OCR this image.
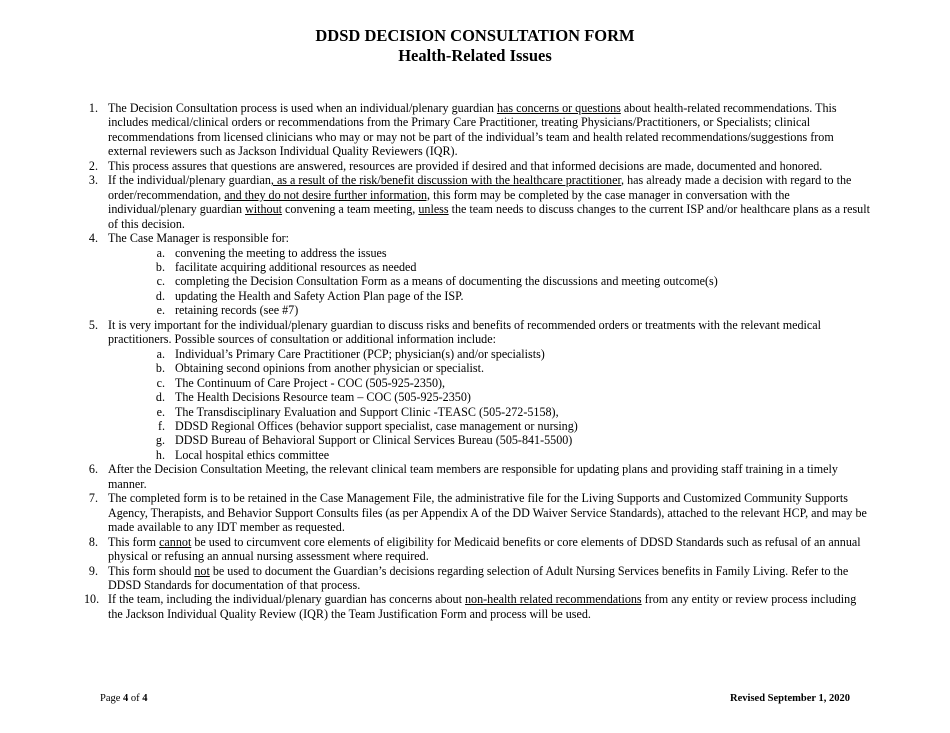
DDSD DECISION CONSULTATION FORM
Health-Related Issues
1. The Decision Consultation process is used when an individual/plenary guardian has concerns or questions about health-related recommendations. This includes medical/clinical orders or recommendations from the Primary Care Practitioner, treating Physicians/Practitioners, or Specialists; clinical recommendations from licensed clinicians who may or may not be part of the individual’s team and health related recommendations/suggestions from external reviewers such as Jackson Individual Quality Reviewers (IQR).
2. This process assures that questions are answered, resources are provided if desired and that informed decisions are made, documented and honored.
3. If the individual/plenary guardian, as a result of the risk/benefit discussion with the healthcare practitioner, has already made a decision with regard to the order/recommendation, and they do not desire further information, this form may be completed by the case manager in conversation with the individual/plenary guardian without convening a team meeting, unless the team needs to discuss changes to the current ISP and/or healthcare plans as a result of this decision.
4. The Case Manager is responsible for:
a. convening the meeting to address the issues
b. facilitate acquiring additional resources as needed
c. completing the Decision Consultation Form as a means of documenting the discussions and meeting outcome(s)
d. updating the Health and Safety Action Plan page of the ISP.
e. retaining records (see #7)
5. It is very important for the individual/plenary guardian to discuss risks and benefits of recommended orders or treatments with the relevant medical practitioners. Possible sources of consultation or additional information include:
a. Individual’s Primary Care Practitioner (PCP; physician(s) and/or specialists)
b. Obtaining second opinions from another physician or specialist.
c. The Continuum of Care Project - COC (505-925-2350),
d. The Health Decisions Resource team – COC (505-925-2350)
e. The Transdisciplinary Evaluation and Support Clinic -TEASC (505-272-5158),
f. DDSD Regional Offices (behavior support specialist, case management or nursing)
g. DDSD Bureau of Behavioral Support or Clinical Services Bureau (505-841-5500)
h. Local hospital ethics committee
6. After the Decision Consultation Meeting, the relevant clinical team members are responsible for updating plans and providing staff training in a timely manner.
7. The completed form is to be retained in the Case Management File, the administrative file for the Living Supports and Customized Community Supports Agency, Therapists, and Behavior Support Consults files (as per Appendix A of the DD Waiver Service Standards), attached to the relevant HCP, and may be made available to any IDT member as requested.
8. This form cannot be used to circumvent core elements of eligibility for Medicaid benefits or core elements of DDSD Standards such as refusal of an annual physical or refusing an annual nursing assessment where required.
9. This form should not be used to document the Guardian’s decisions regarding selection of Adult Nursing Services benefits in Family Living. Refer to the DDSD Standards for documentation of that process.
10. If the team, including the individual/plenary guardian has concerns about non-health related recommendations from any entity or review process including the Jackson Individual Quality Review (IQR) the Team Justification Form and process will be used.
Page 4 of 4	Revised September 1, 2020
